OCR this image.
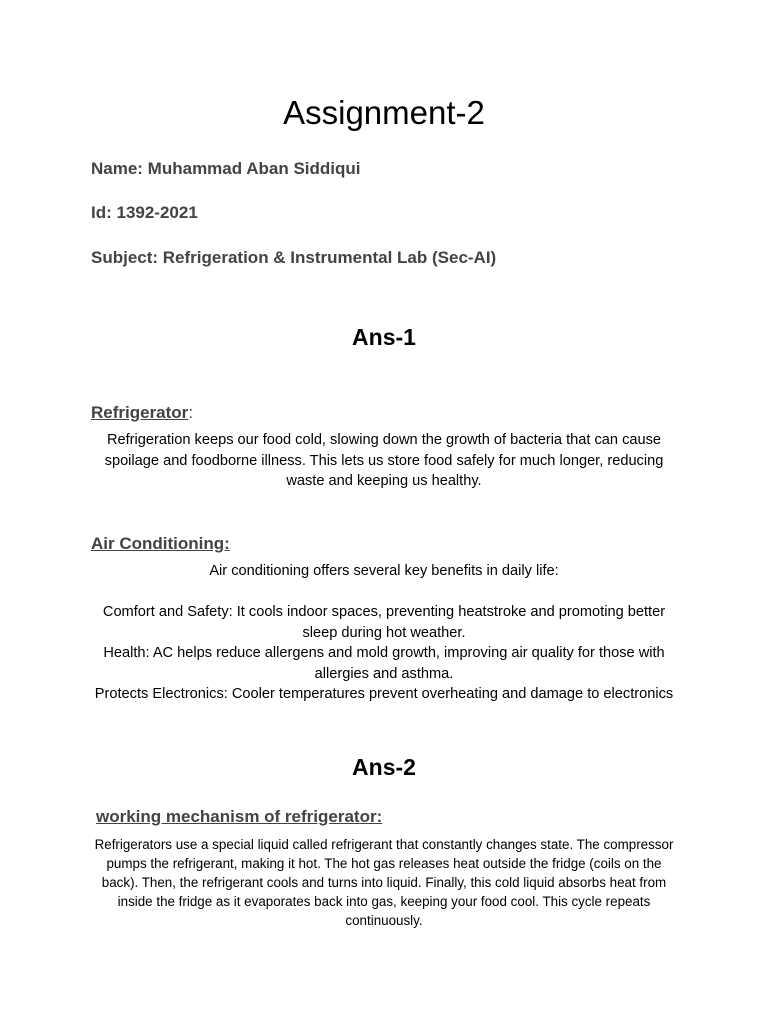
Assignment-2

Name: Muhammad Aban Siddiqui

Id: 1392-2021

Subject: Refrigeration & Instrumental Lab (Sec-AI)

Ans-1

Refrigerator:

Refrigeration keeps our food cold, slowing down the growth of bacteria that can cause spoilage and foodborne illness. This lets us store food safely for much longer, reducing waste and keeping us healthy.

Air Conditioning:

Air conditioning offers several key benefits in daily life:

Comfort and Safety: It cools indoor spaces, preventing heatstroke and promoting better sleep during hot weather.

Health: AC helps reduce allergens and mold growth, improving air quality for those with allergies and asthma.

Protects Electronics: Cooler temperatures prevent overheating and damage to electronics

Ans-2

working mechanism of refrigerator:

Refrigerators use a special liquid called refrigerant that constantly changes state. The compressor pumps the refrigerant, making it hot. The hot gas releases heat outside the fridge (coils on the back). Then, the refrigerant cools and turns into liquid. Finally, this cold liquid absorbs heat from inside the fridge as it evaporates back into gas, keeping your food cool. This cycle repeats continuously.
